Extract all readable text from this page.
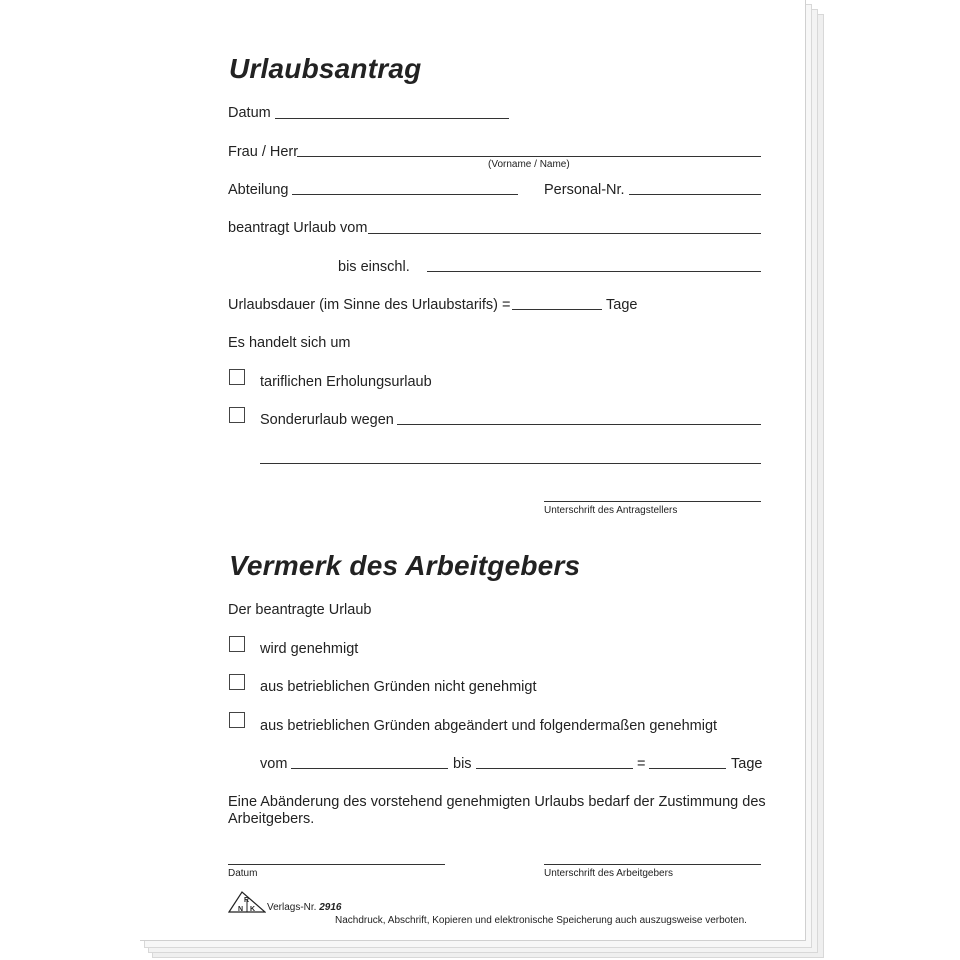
Urlaubsantrag
Datum
Frau / Herr
(Vorname / Name)
Abteilung	Personal-Nr.
beantragt Urlaub vom
bis einschl.
Urlaubsdauer (im Sinne des Urlaubstarifs) =	Tage
Es handelt sich um
tariflichen Erholungsurlaub
Sonderurlaub wegen
Unterschrift des Antragstellers
Vermerk des Arbeitgebers
Der beantragte Urlaub
wird genehmigt
aus betrieblichen Gründen nicht genehmigt
aus betrieblichen Gründen abgeändert und folgendermaßen genehmigt
vom	bis	=	Tage
Eine Abänderung des vorstehend genehmigten Urlaubs bedarf der Zustimmung des
Arbeitgebers.
Datum	Unterschrift des Arbeitgebers
R
N K Verlags-Nr. 2916
Nachdruck, Abschrift, Kopieren und elektronische Speicherung auch auszugsweise verboten.
